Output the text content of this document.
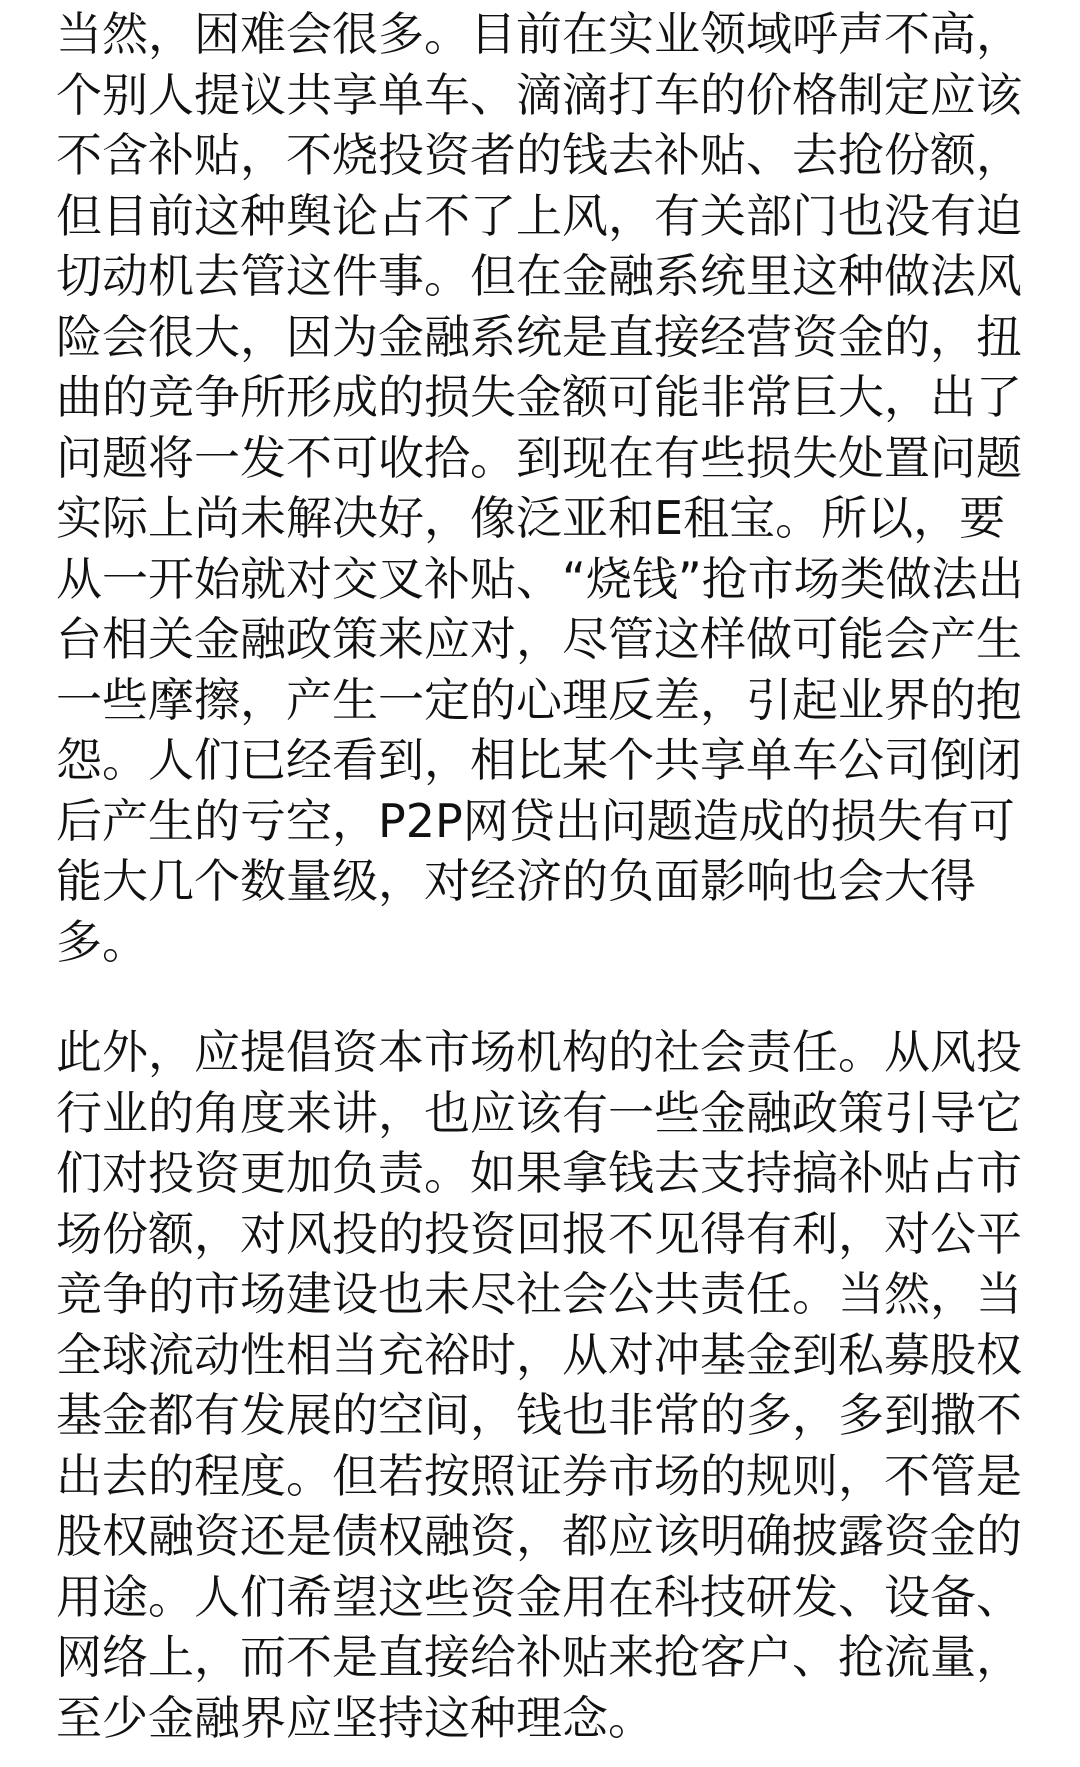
当然，困难会很多。目前在实业领域呼声不高，
个别人提议共享单车、滴滴打车的价格制定应该
不含补贴，不烧投资者的钱去补贴、去抢份额，
但目前这种舆论占不了上风，有关部门也没有迫
切动机去管这件事。但在金融系统里这种做法风
险会很大，因为金融系统是直接经营资金的，扭
曲的竞争所形成的损失金额可能非常巨大，出了
问题将一发不可收拾。到现在有些损失处置问题
实际上尚未解决好，像泛亚和E租宝。所以，要
从一开始就对交叉补贴、“烧钱”抢市场类做法出
台相关金融政策来应对，尽管这样做可能会产生
一些摩擦，产生一定的心理反差，引起业界的抱
怨。人们已经看到，相比某个共享单车公司倒闭
后产生的亏空，P2P网贷出问题造成的损失有可
能大几个数量级，对经济的负面影响也会大得
多。
此外，应提倡资本市场机构的社会责任。从风投
行业的角度来讲，也应该有一些金融政策引导它
们对投资更加负责。如果拿钱去支持搞补贴占市
场份额，对风投的投资回报不见得有利，对公平
竞争的市场建设也未尽社会公共责任。当然，当
全球流动性相当充裕时，从对冲基金到私募股权
基金都有发展的空间，钱也非常的多，多到撒不
出去的程度。但若按照证券市场的规则，不管是
股权融资还是债权融资，都应该明确披露资金的
用途。人们希望这些资金用在科技研发、设备、
网络上，而不是直接给补贴来抢客户、抢流量，
至少金融界应坚持这种理念。
